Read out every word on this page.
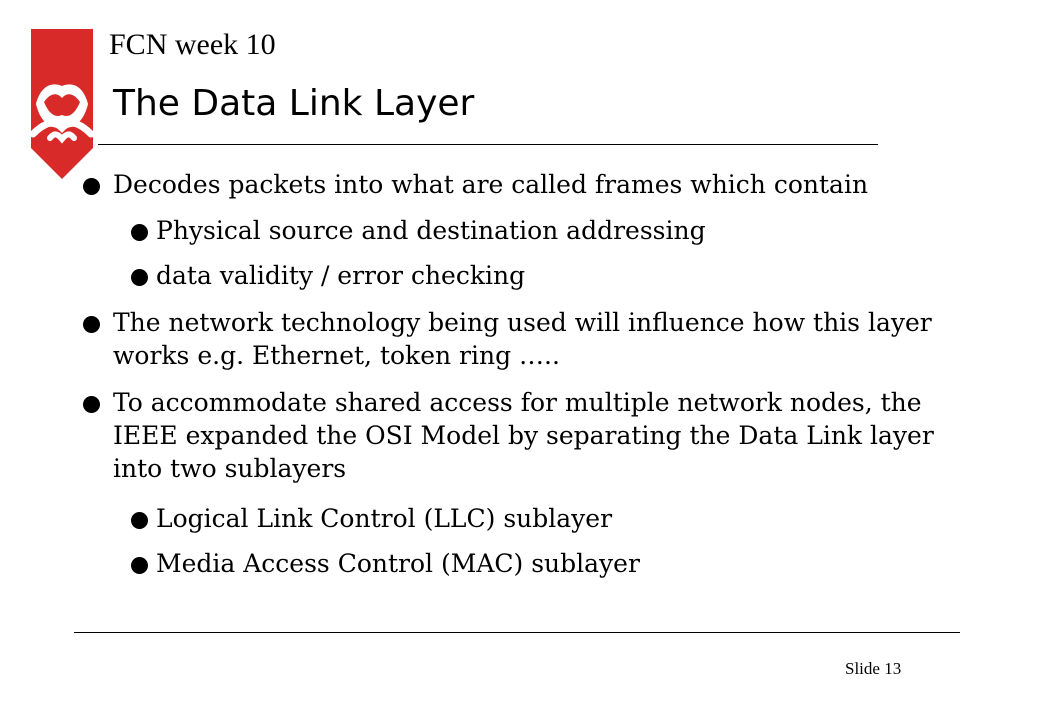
FCN week 10
The Data Link Layer
Decodes packets into what are called frames which contain
Physical source and destination addressing
data validity / error checking
The network technology being used will influence how this layer works e.g. Ethernet, token ring …..
To accommodate shared access for multiple network nodes, the IEEE expanded the OSI Model by separating the Data Link layer into two sublayers
Logical Link Control (LLC) sublayer
Media Access Control (MAC) sublayer
Slide 13
